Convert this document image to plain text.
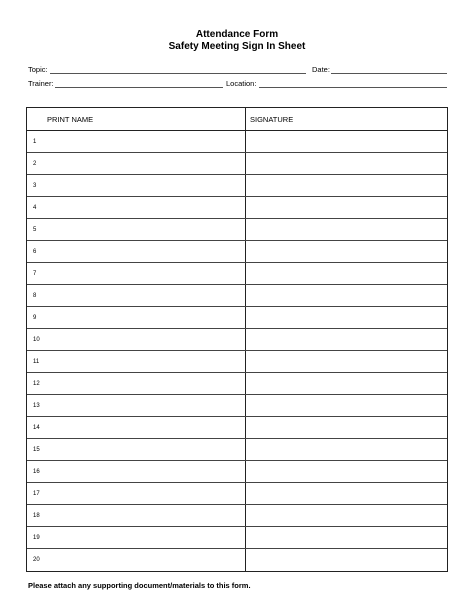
Attendance Form
Safety Meeting Sign In Sheet
Topic:	Date:
Trainer:	Location:
PRINT NAME	SIGNATURE
1
2
3
4
5
6
7
8
9
10
11
12
13
14
15
16
17
18
19
20
Please attach any supporting document/materials to this form.
